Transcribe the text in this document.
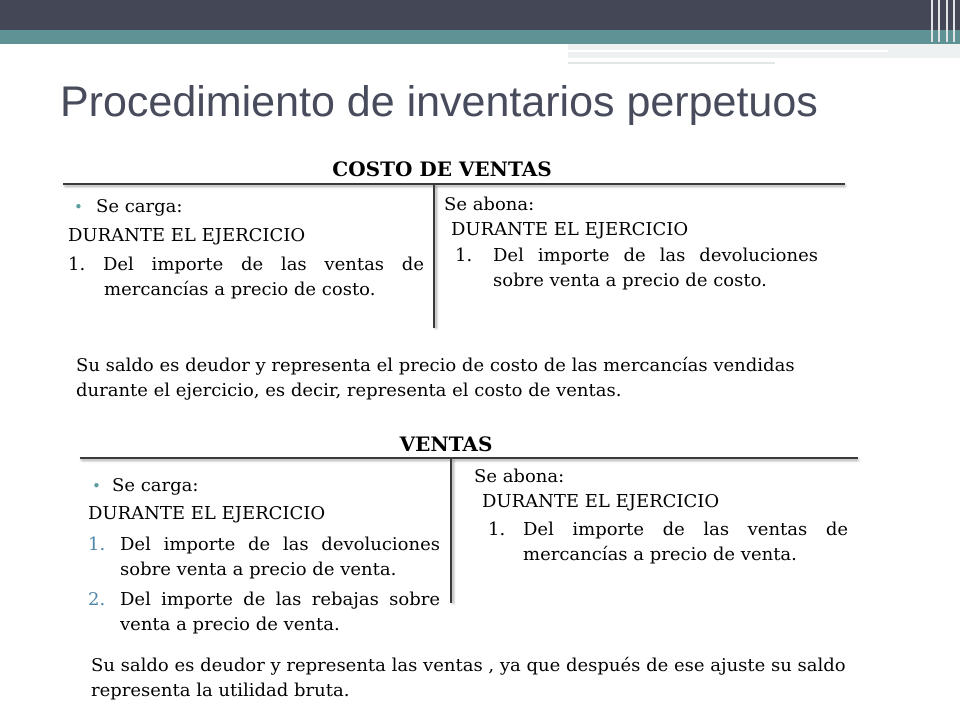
Procedimiento de inventarios perpetuos
COSTO DE VENTAS
• Se carga:
DURANTE EL EJERCICIO

1. Del importe de las ventas de mercancías a precio de costo.

Se abona:
DURANTE EL EJERCICIO
1.	Del importe de las devoluciones sobre venta a precio de costo.

Su saldo es deudor y representa el precio de costo de las mercancías vendidas durante el ejercicio, es decir, representa el costo de ventas.

VENTAS
• Se carga:
DURANTE EL EJERCICIO
1. Del importe de las devoluciones sobre venta a precio de venta.
2. Del importe de las rebajas sobre venta a precio de venta.
Se abona:
DURANTE EL EJERCICIO
1. Del importe de las ventas de mercancías a precio de venta.

Su saldo es deudor y representa las ventas , ya que después de ese ajuste su saldo representa la utilidad bruta.
